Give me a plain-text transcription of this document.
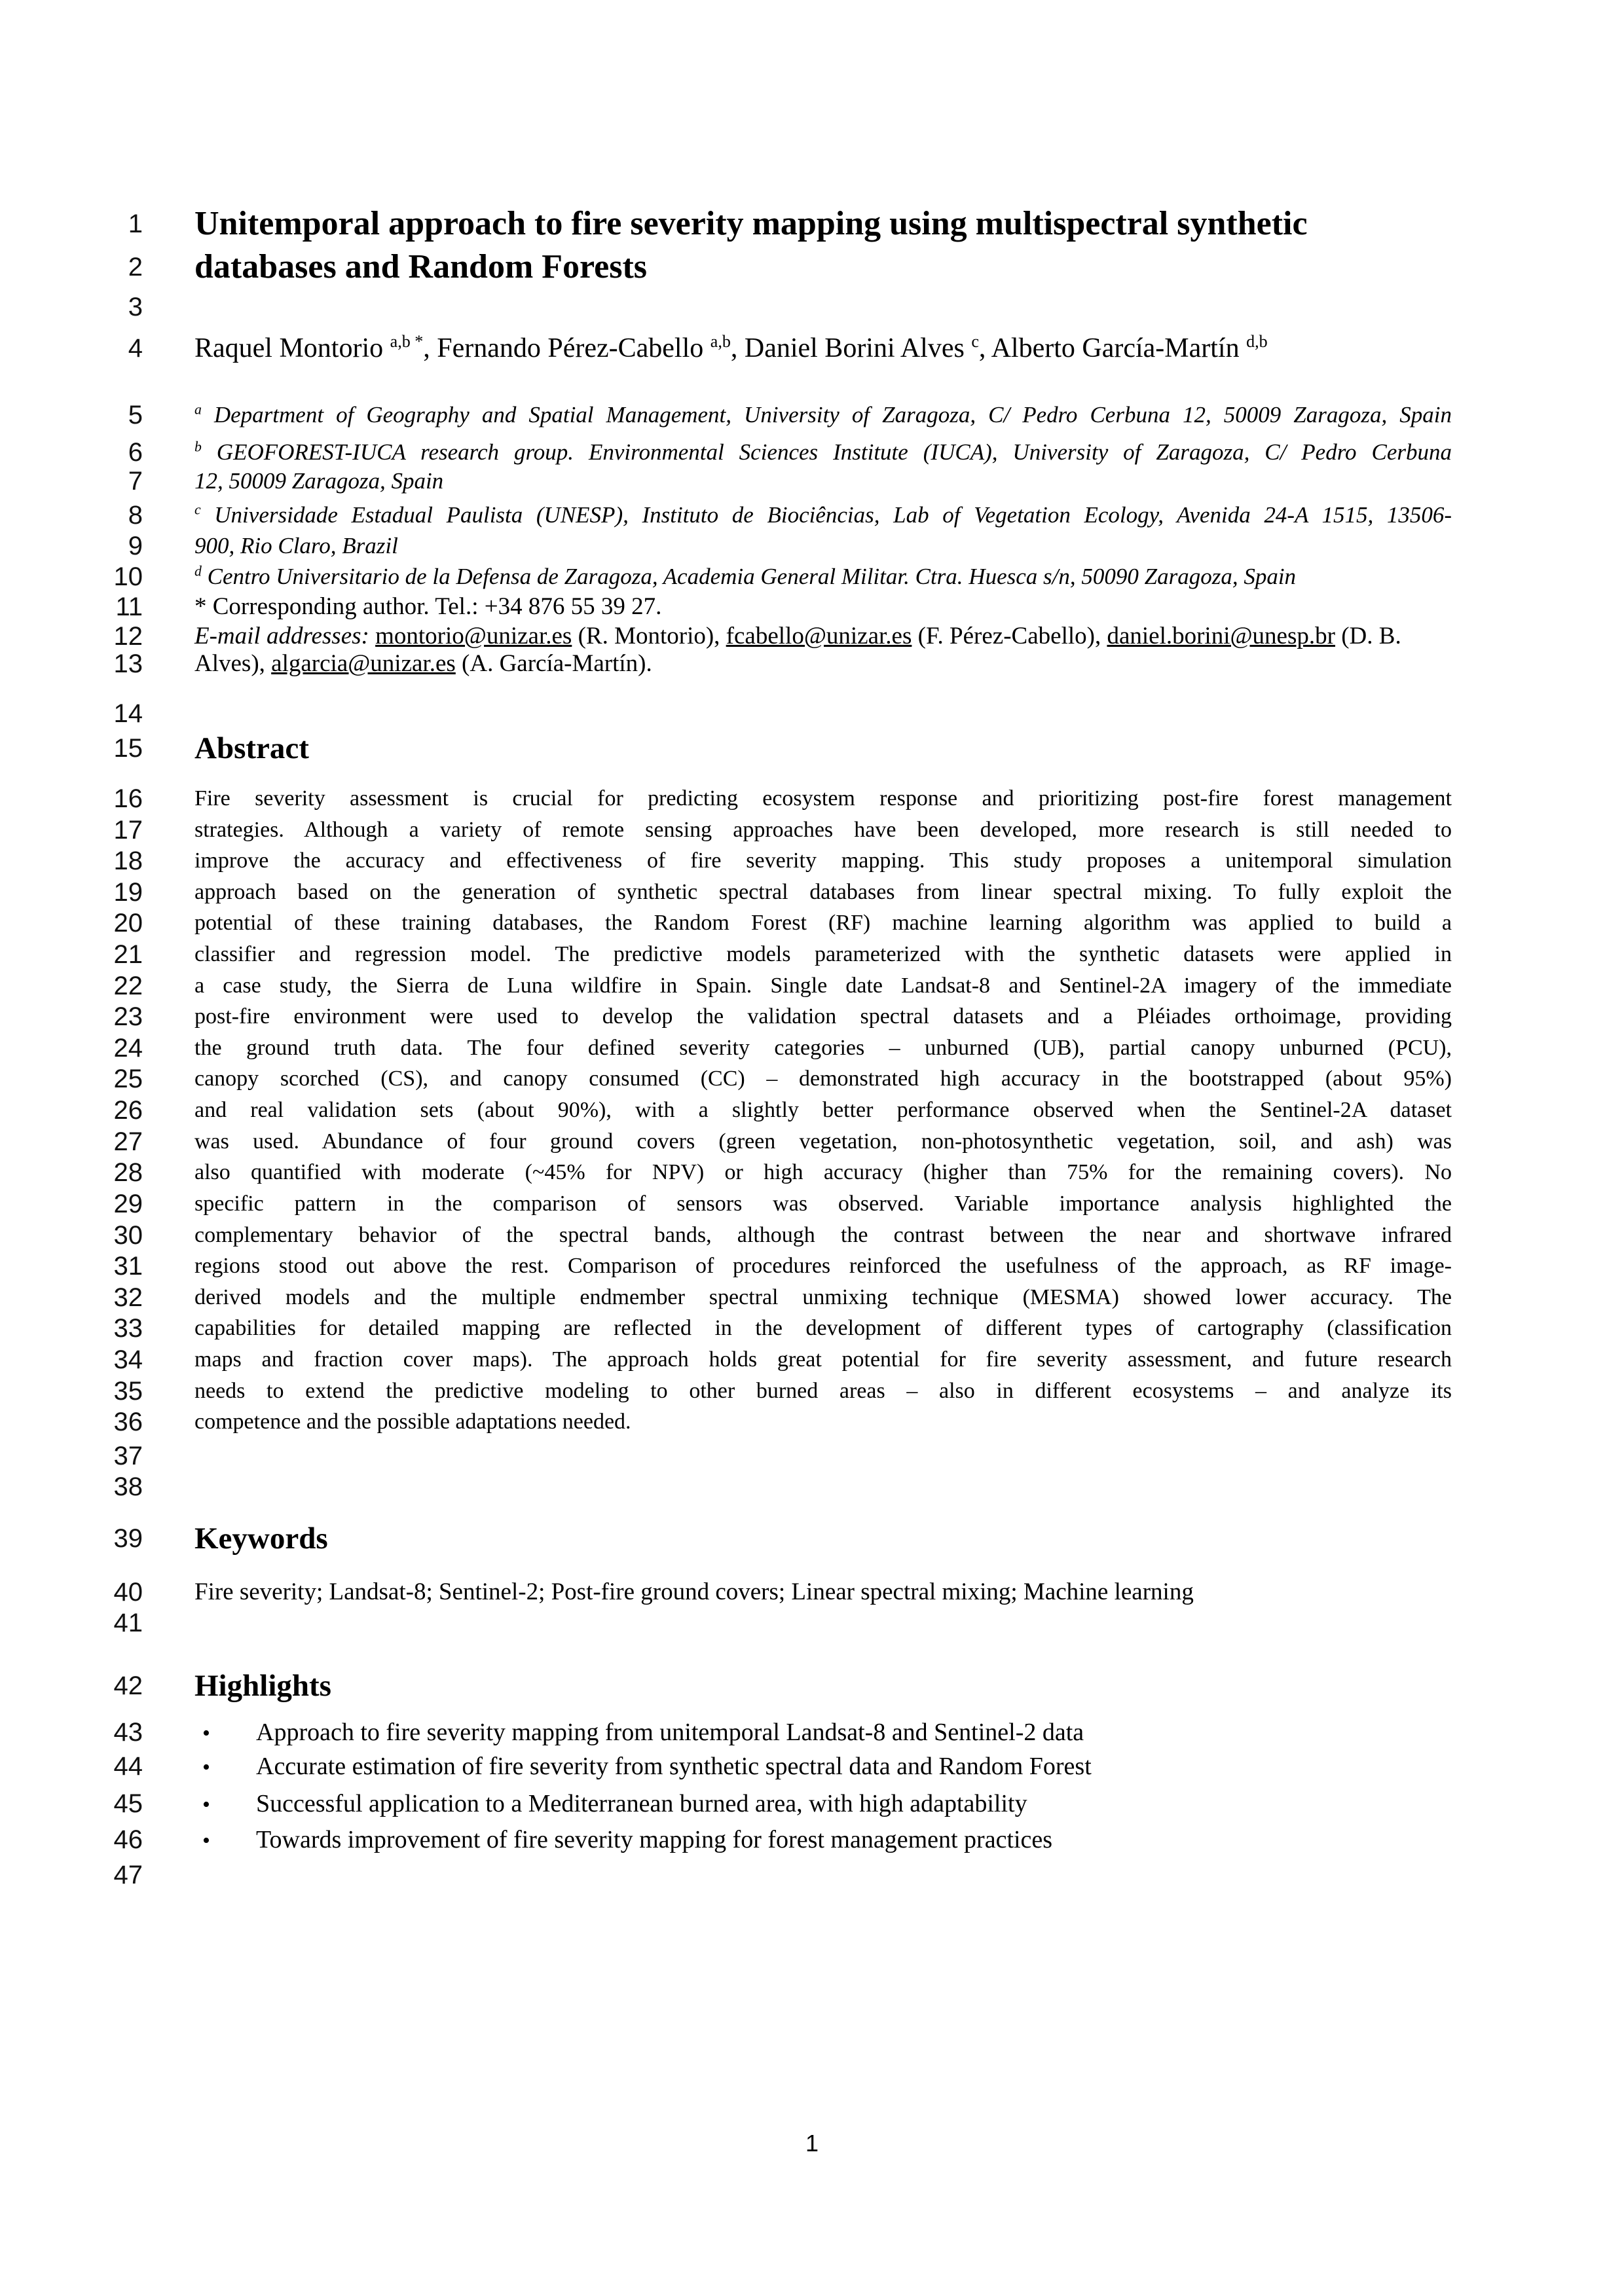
1 Unitemporal approach to fire severity mapping using multispectral synthetic
2 databases and Random Forests
3
4 Raquel Montorio $^{a,b *}$, Fernando Pérez-Cabello $^{a,b}$, Daniel Borini Alves $^c$, Alberto García-Martín $^{d,b}$
5	$^a$ Department of Geography and Spatial Management, University of Zaragoza, C/ Pedro Cerbuna 12, 50009 Zaragoza, Spain
6	$^b$ GEOFOREST-IUCA research group. Environmental Sciences Institute (IUCA), University of Zaragoza, C/ Pedro Cerbuna
7 12, 50009 Zaragoza, Spain
8	$^c$ Universidade Estadual Paulista (UNESP), Instituto de Biociências, Lab of Vegetation Ecology, Avenida 24-A 1515, 13506-
9 900, Rio Claro, Brazil
10	$^d$ Centro Universitario de la Defensa de Zaragoza, Academia General Militar. Ctra. Huesca s/n, 50090 Zaragoza, Spain
11 * Corresponding author. Tel.: +34 876 55 39 27.
12 E-mail addresses: montorio@unizar.es (R. Montorio), fcabello@unizar.es (F. Pérez-Cabello), daniel.borini@unesp.br (D. B.
13 Alves), algarcia@unizar.es (A. García-Martín).
14
15 Abstract
16 Fire severity assessment is crucial for predicting ecosystem response and prioritizing post-fire forest management
17 strategies. Although a variety of remote sensing approaches have been developed, more research is still needed to
18 improve the accuracy and effectiveness of fire severity mapping. This study proposes a unitemporal simulation
19 approach based on the generation of synthetic spectral databases from linear spectral mixing. To fully exploit the
20 potential of these training databases, the Random Forest (RF) machine learning algorithm was applied to build a
21 classifier and regression model. The predictive models parameterized with the synthetic datasets were applied in
22 a case study, the Sierra de Luna wildfire in Spain. Single date Landsat-8 and Sentinel-2A imagery of the immediate
23 post-fire environment were used to develop the validation spectral datasets and a Pléiades orthoimage, providing
24 the ground truth data. The four defined severity categories – unburned (UB), partial canopy unburned (PCU),
25 canopy scorched (CS), and canopy consumed (CC) – demonstrated high accuracy in the bootstrapped (about 95%)
26 and real validation sets (about 90%), with a slightly better performance observed when the Sentinel-2A dataset
27 was used. Abundance of four ground covers (green vegetation, non-photosynthetic vegetation, soil, and ash) was
28 also quantified with moderate (~45% for NPV) or high accuracy (higher than 75% for the remaining covers). No
29 specific pattern in the comparison of sensors was observed. Variable importance analysis highlighted the
30 complementary behavior of the spectral bands, although the contrast between the near and shortwave infrared
31 regions stood out above the rest. Comparison of procedures reinforced the usefulness of the approach, as RF image-
32 derived models and the multiple endmember spectral unmixing technique (MESMA) showed lower accuracy. The
33 capabilities for detailed mapping are reflected in the development of different types of cartography (classification
34 maps and fraction cover maps). The approach holds great potential for fire severity assessment, and future research
35 needs to extend the predictive modeling to other burned areas – also in different ecosystems – and analyze its
36 competence and the possible adaptations needed.
37
38
39 Keywords
40 Fire severity; Landsat-8; Sentinel-2; Post-fire ground covers; Linear spectral mixing; Machine learning
41
42 Highlights
43	• Approach to fire severity mapping from unitemporal Landsat-8 and Sentinel-2 data
44	• Accurate estimation of fire severity from synthetic spectral data and Random Forest
45	• Successful application to a Mediterranean burned area, with high adaptability
46	• Towards improvement of fire severity mapping for forest management practices
47
1
